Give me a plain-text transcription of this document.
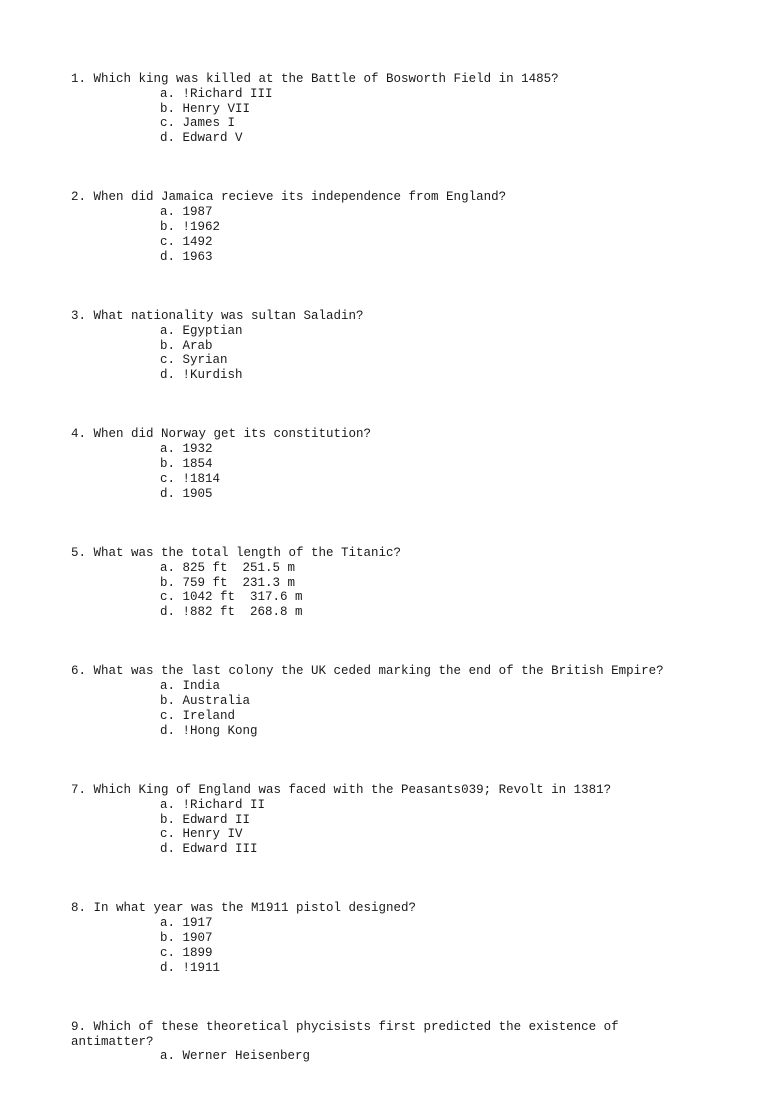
1. Which king was killed at the Battle of Bosworth Field in 1485?

a. !Richard III
b. Henry VII
c. James I
d. Edward V

2. When did Jamaica recieve its independence from England?

a. 1987
b. !1962
c. 1492
d. 1963

3. What nationality was sultan Saladin?

a. Egyptian
b. Arab
c. Syrian
d. !Kurdish

4. When did Norway get its constitution?

a. 1932
b. 1854
c. !1814
d. 1905

5. What was the total length of the Titanic?

a. 825 ft  251.5 m
b. 759 ft  231.3 m
c. 1042 ft  317.6 m
d. !882 ft  268.8 m

6. What was the last colony the UK ceded marking the end of the British Empire?

a. India
b. Australia
c. Ireland
d. !Hong Kong

7. Which King of England was faced with the Peasants039; Revolt in 1381?

a. !Richard II
b. Edward II
c. Henry IV
d. Edward III

8. In what year was the M1911 pistol designed?

a. 1917
b. 1907
c. 1899
d. !1911

9. Which of these theoretical phycisists first predicted the existence of
antimatter?

a. Werner Heisenberg
